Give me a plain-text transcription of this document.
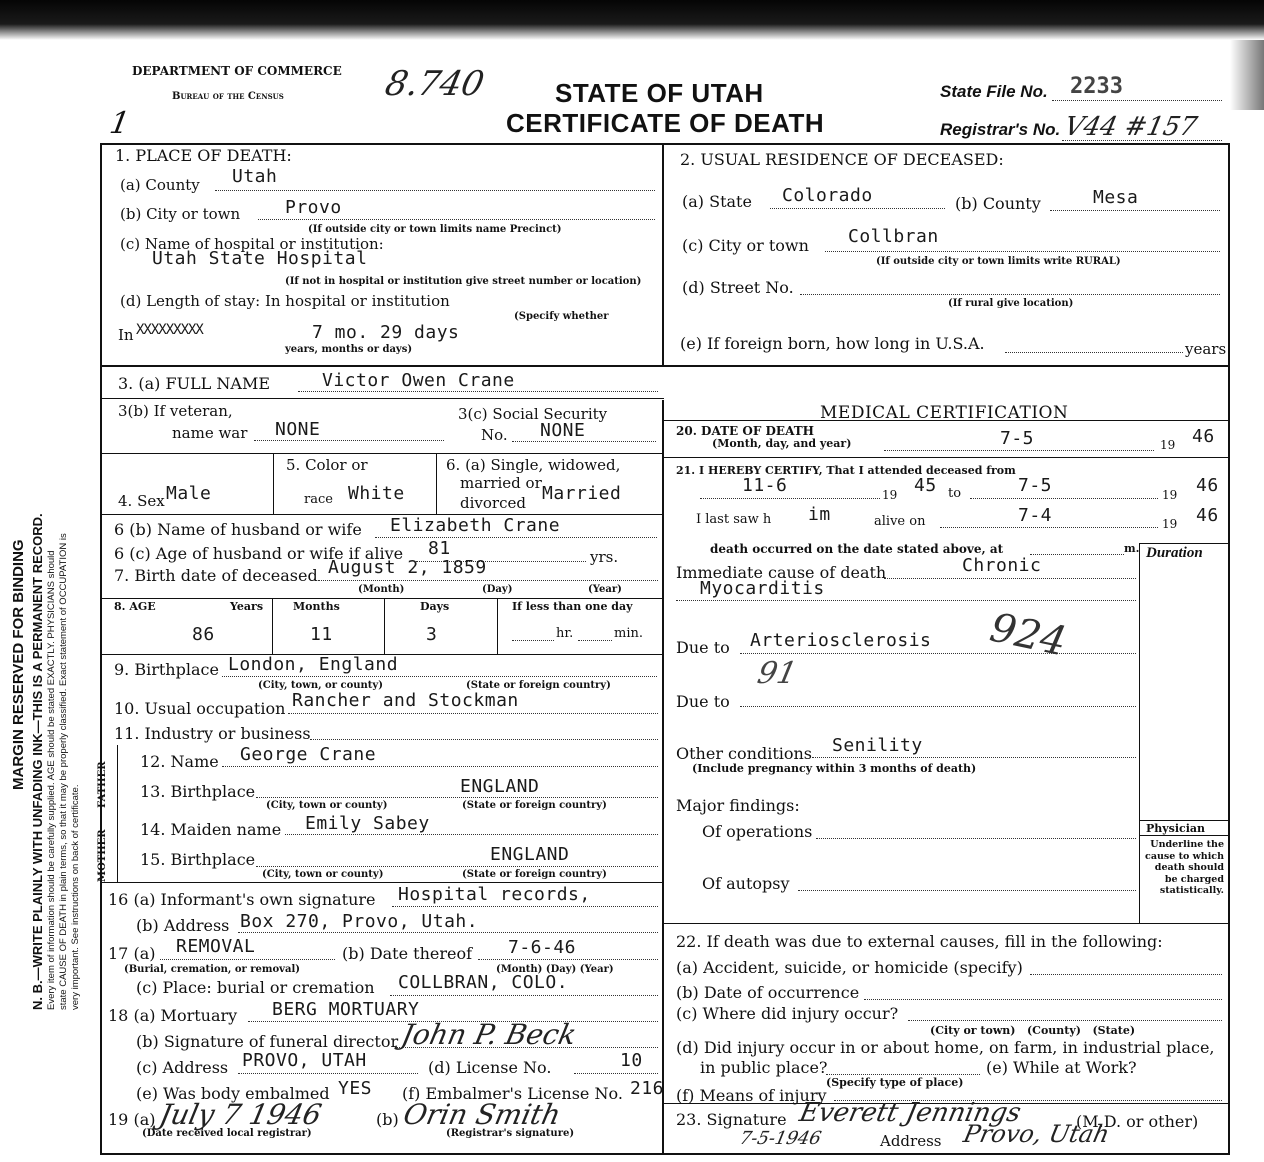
MARGIN RESERVED FOR BINDING N. B.—WRITE PLAINLY WITH UNFADING INK—THIS IS A PERMANENT RECORD. Every item of information should be carefully supplied. AGE should be stated EXACTLY. PHYSICIANS should state CAUSE OF DEATH in plain terms, so that it may be properly classified. Exact statement of OCCUPATION is very important. See instructions on back of certificate.
1
DEPARTMENT OF COMMERCE
Bureau of the Census	8.740	STATE OF UTAH
CERTIFICATE OF DEATH
State File No. 2233
Registrar's No. V44 #157
1. PLACE OF DEATH:
(a) County Utah
(b) City or town Provo
(If outside city or town limits name Precinct)
(c) Name of hospital or institution:
Utah State Hospital
(If not in hospital or institution give street number or location)
(d) Length of stay: In hospital or institution
(Specify whether
In XXXXXXXXX	7 mo. 29 days
years, months or days)
2. USUAL RESIDENCE OF DECEASED:
(a) State Colorado	(b) County	Mesa
(c) City or town Collbran
(If outside city or town limits write RURAL)
(d) Street No.
(If rural give location)
(e) If foreign born, how long in U.S.A.	years
3. (a) FULL NAME	Victor Owen Crane
3(b) If veteran,
name war NONE
3(c) Social Security
No. NONE
4. Sex Male
5. Color or
race White
6. (a) Single, widowed,
married or
divorced Married
6 (b) Name of husband or wife Elizabeth Crane
6 (c) Age of husband or wife if alive 81	yrs.
7. Birth date of deceased August 2, 1859
(Month)	(Day)	(Year)
8. AGE	Years	Months	Days	If less than one day
86	11	3	hr.	min.
9. Birthplace London, England
(City, town, or county)	(State or foreign country)
10. Usual occupation Rancher and Stockman
11. Industry or business
FATHER
MOTHER
12. Name George Crane
13. Birthplace	ENGLAND
(City, town or county)	(State or foreign country)
14. Maiden name Emily Sabey
15. Birthplace	ENGLAND
(City, town or county)	(State or foreign country)
16 (a) Informant's own signature Hospital records,
(b) Address Box 270, Provo, Utah.
17 (a) REMOVAL
(Burial, cremation, or removal)
(b) Date thereof 7-6-46
(Month) (Day) (Year)
(c) Place: burial or cremation COLLBRAN, COLO.
18 (a) Mortuary BERG MORTUARY
(b) Signature of funeral director John P. Beck
(c) Address PROVO, UTAH	(d) License No.	10
(e) Was body embalmed YES (f) Embalmer's License No. 216
19 (a) July 7 1946
(Date received local registrar)
(b) Orin Smith
(Registrar's signature)
MEDICAL CERTIFICATION
20. DATE OF DEATH
(Month, day, and year)	7-5	19 46
21. I HEREBY CERTIFY, That I attended deceased from
11-6	19 45 to	7-5	19 46
I last saw h im	alive on	7-4	19 46
death occurred on the date stated above, at	m. Duration
Immediate cause of death	Chronic
Myocarditis
Due to Arteriosclerosis 924
Due to
91
Other conditions Senility
(Include pregnancy within 3 months of death)
Major findings:
Of operations
Of autopsy
Physician
Underline the cause to which death should be charged statistically.
22. If death was due to external causes, fill in the following:
(a) Accident, suicide, or homicide (specify)
(b) Date of occurrence
(c) Where did injury occur?
(City or town)   (County)   (State)
(d) Did injury occur in or about home, on farm, in industrial place,
in public place?	(e) While at Work?
(Specify type of place)
(f) Means of injury
23. Signature Everett Jennings	(M.D. or other)
7-5-1946	Address Provo, Utah
